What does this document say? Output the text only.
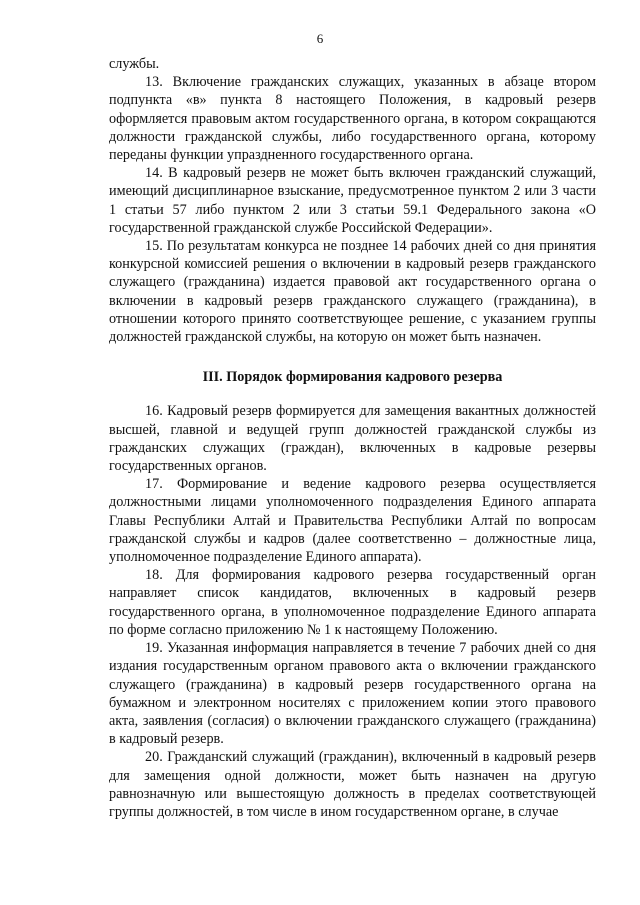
6

службы.

13. Включение гражданских служащих, указанных в абзаце втором подпункта «в» пункта 8 настоящего Положения, в кадровый резерв оформляется правовым актом государственного органа, в котором сокращаются должности гражданской службы, либо государственного органа, которому переданы функции упраздненного государственного органа.

14. В кадровый резерв не может быть включен гражданский служащий, имеющий дисциплинарное взыскание, предусмотренное пунктом 2 или 3 части 1 статьи 57 либо пунктом 2 или 3 статьи 59.1 Федерального закона «О государственной гражданской службе Российской Федерации».

15. По результатам конкурса не позднее 14 рабочих дней со дня принятия конкурсной комиссией решения о включении в кадровый резерв гражданского служащего (гражданина) издается правовой акт государственного органа о включении в кадровый резерв гражданского служащего (гражданина), в отношении которого принято соответствующее решение, с указанием группы должностей гражданской службы, на которую он может быть назначен.

III. Порядок формирования кадрового резерва

16. Кадровый резерв формируется для замещения вакантных должностей высшей, главной и ведущей групп должностей гражданской службы из гражданских служащих (граждан), включенных в кадровые резервы государственных органов.

17. Формирование и ведение кадрового резерва осуществляется должностными лицами уполномоченного подразделения Единого аппарата Главы Республики Алтай и Правительства Республики Алтай по вопросам гражданской службы и кадров (далее соответственно – должностные лица, уполномоченное подразделение Единого аппарата).

18. Для формирования кадрового резерва государственный орган направляет список кандидатов, включенных в кадровый резерв государственного органа, в уполномоченное подразделение Единого аппарата по форме согласно приложению № 1 к настоящему Положению.

19. Указанная информация направляется в течение 7 рабочих дней со дня издания государственным органом правового акта о включении гражданского служащего (гражданина) в кадровый резерв государственного органа на бумажном и электронном носителях с приложением копии этого правового акта, заявления (согласия) о включении гражданского служащего (гражданина) в кадровый резерв.

20. Гражданский служащий (гражданин), включенный в кадровый резерв для замещения одной должности, может быть назначен на другую равнозначную или вышестоящую должность в пределах соответствующей группы должностей, в том числе в ином государственном органе, в случае
